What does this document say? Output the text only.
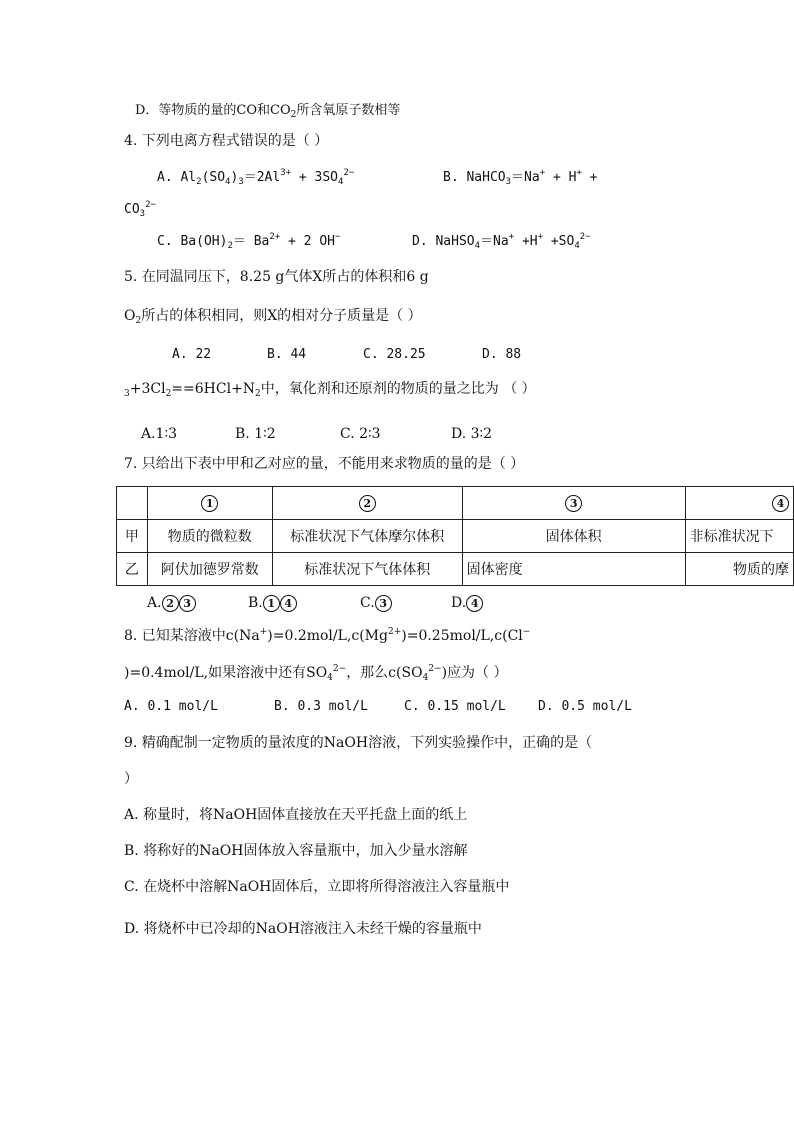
D．等物质的量的CO和$CO_2$所含氧原子数相等
4. 下列电离方程式错误的是（ ）
A. $Al_2(SO_4)_3=2Al^{3+} + 3SO_4^{2-}$	B. NaHCO$_3$＝Na+ + H+ +
$CO_3^{2-}$
C. $Ba(OH)_2= Ba^{2+} + 2$ OH−	D. NaHSO$_4$＝Na+ $+H^+ +SO_4^{2-}$
5. 在同温同压下，8.25 g气体X所占的体积和6 g
$O_2$所占的体积相同，则X的相对分子质量是（ ）
A. 22	B. 44	C. 28.25	D. 88
$_3+3Cl_2==6HCl+N_2$中，氧化剂和还原剂的物质的量之比为 （ ）
A.1∶3	B. 1∶2	C. 2∶3	D. 3∶2
7. 只给出下表中甲和乙对应的量，不能用来求物质的量的是（ ）
	1	2	3	4
甲	物质的微粒数	标准状况下气体摩尔体积	固体体积	非标准状况下
乙	阿伏加德罗常数	标准状况下气体体积	固体密度	物质的摩
A. 2 3	B. 1 4	C. 3	D. 4
8. 已知某溶液中$c(Na^+)=0.2mol/L,c(Mg^{2+})=0.25mol/L,c(Cl^-$
)=0.4mol/L,如果溶液中还有$SO_4^{2-}$，那么$c(SO_4^{2-})$应为（ ）
A. 0.1 mol/L	B. 0.3 mol/L	C. 0.15 mol/L D. 0.5 mol/L
9. 精确配制一定物质的量浓度的NaOH溶液，下列实验操作中，正确的是（
）
A. 称量时，将NaOH固体直接放在天平托盘上面的纸上
B. 将称好的NaOH固体放入容量瓶中，加入少量水溶解
C. 在烧杯中溶解NaOH固体后，立即将所得溶液注入容量瓶中
D. 将烧杯中已冷却的NaOH溶液注入未经干燥的容量瓶中
